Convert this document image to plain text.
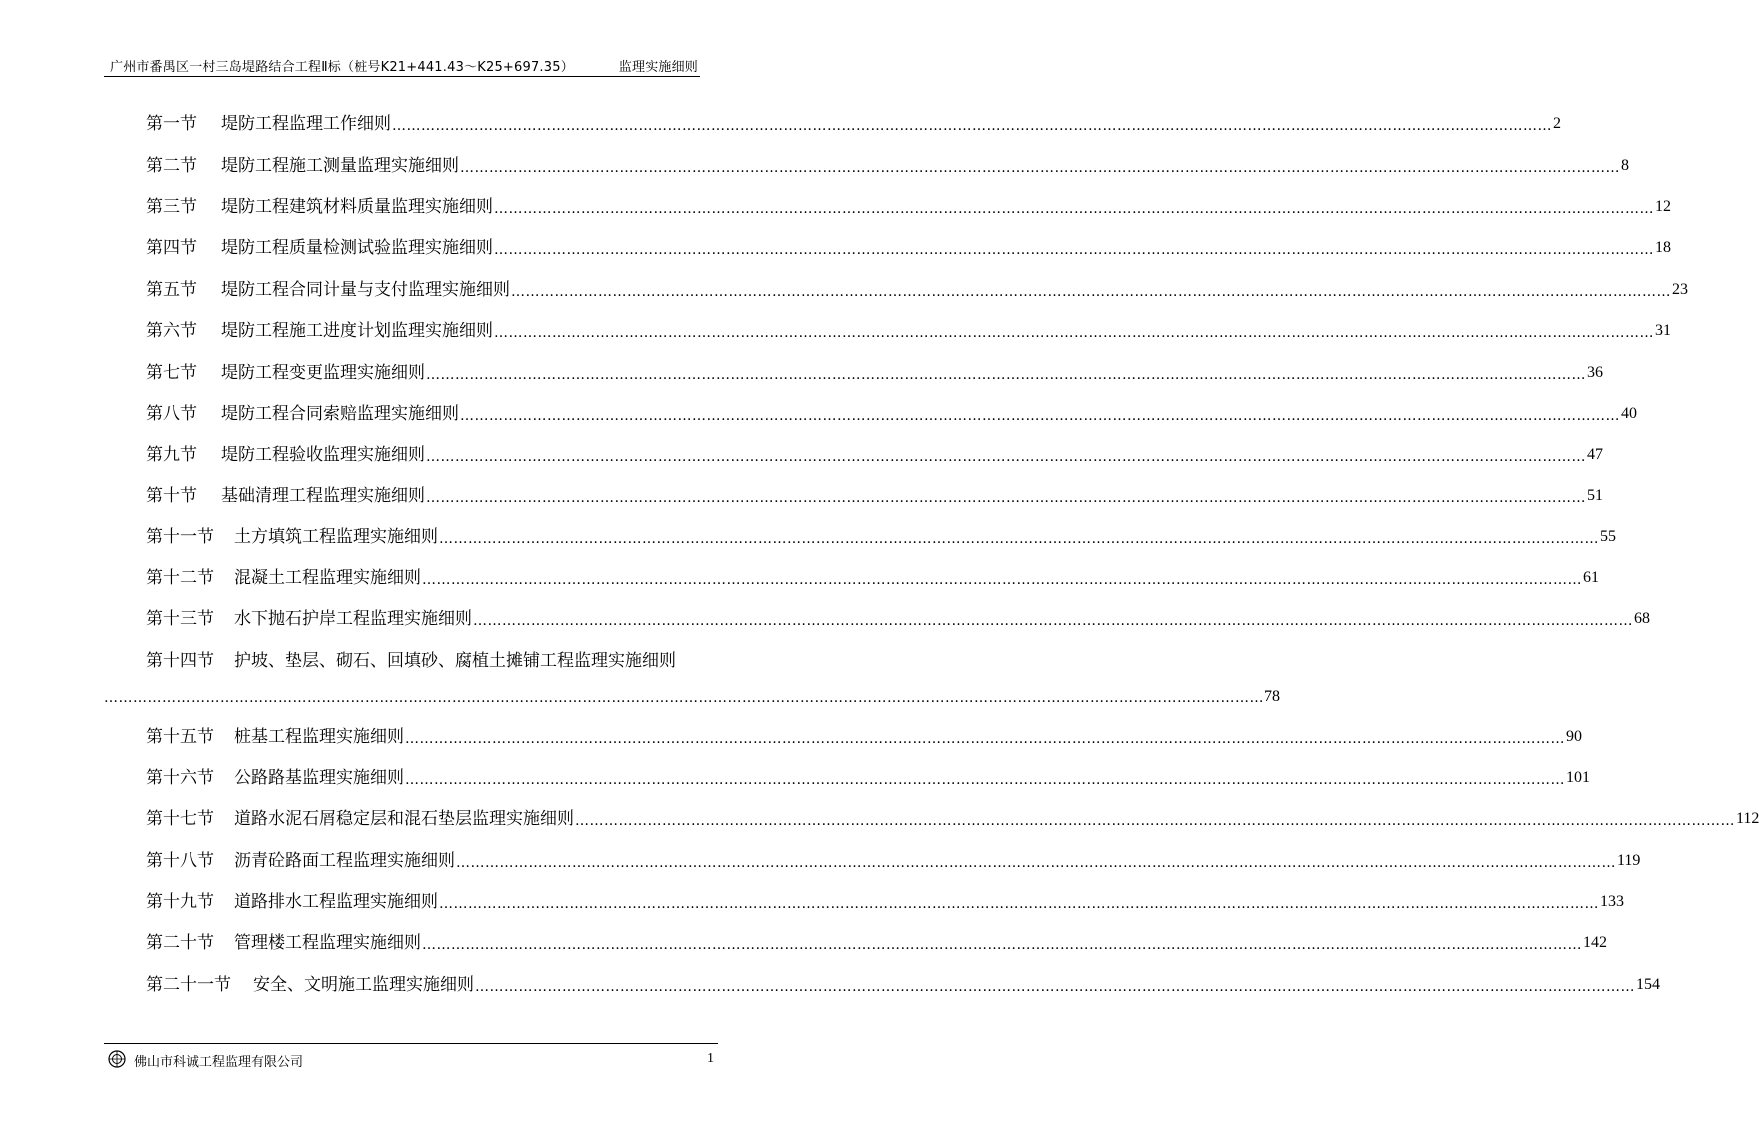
广州市番禺区一村三岛堤路结合工程Ⅱ标（桩号K21+441.43～K25+697.35）	监理实施细则
第一节 堤防工程监理工作细则 …………………………………………………………………………………………………………………………………………………………………………………………………………………… 2
第二节 堤防工程施工测量监理实施细则 …………………………………………………………………………………………………………………………………………………………………………………………………………………… 8
第三节 堤防工程建筑材料质量监理实施细则 …………………………………………………………………………………………………………………………………………………………………………………………………………………… 12
第四节 堤防工程质量检测试验监理实施细则 …………………………………………………………………………………………………………………………………………………………………………………………………………………… 18
第五节 堤防工程合同计量与支付监理实施细则 …………………………………………………………………………………………………………………………………………………………………………………………………………………… 23
第六节 堤防工程施工进度计划监理实施细则 …………………………………………………………………………………………………………………………………………………………………………………………………………………… 31
第七节 堤防工程变更监理实施细则 …………………………………………………………………………………………………………………………………………………………………………………………………………………… 36
第八节 堤防工程合同索赔监理实施细则 …………………………………………………………………………………………………………………………………………………………………………………………………………………… 40
第九节 堤防工程验收监理实施细则 …………………………………………………………………………………………………………………………………………………………………………………………………………………… 47
第十节 基础清理工程监理实施细则 …………………………………………………………………………………………………………………………………………………………………………………………………………………… 51
第十一节 土方填筑工程监理实施细则 …………………………………………………………………………………………………………………………………………………………………………………………………………………… 55
第十二节 混凝土工程监理实施细则 …………………………………………………………………………………………………………………………………………………………………………………………………………………… 61
第十三节 水下抛石护岸工程监理实施细则 …………………………………………………………………………………………………………………………………………………………………………………………………………………… 68
第十四节 护坡、垫层、砌石、回填砂、腐植土摊铺工程监理实施细则
…………………………………………………………………………………………………………………………………………………………………………………………………………………… 78
第十五节 桩基工程监理实施细则 …………………………………………………………………………………………………………………………………………………………………………………………………………………… 90
第十六节 公路路基监理实施细则 …………………………………………………………………………………………………………………………………………………………………………………………………………………… 101
第十七节 道路水泥石屑稳定层和混石垫层监理实施细则 …………………………………………………………………………………………………………………………………………………………………………………………………………………… 112
第十八节 沥青砼路面工程监理实施细则 …………………………………………………………………………………………………………………………………………………………………………………………………………………… 119
第十九节 道路排水工程监理实施细则 …………………………………………………………………………………………………………………………………………………………………………………………………………………… 133
第二十节 管理楼工程监理实施细则 …………………………………………………………………………………………………………………………………………………………………………………………………………………… 142
第二十一节 安全、文明施工监理实施细则 …………………………………………………………………………………………………………………………………………………………………………………………………………………… 154
佛山市科诚工程监理有限公司	1
